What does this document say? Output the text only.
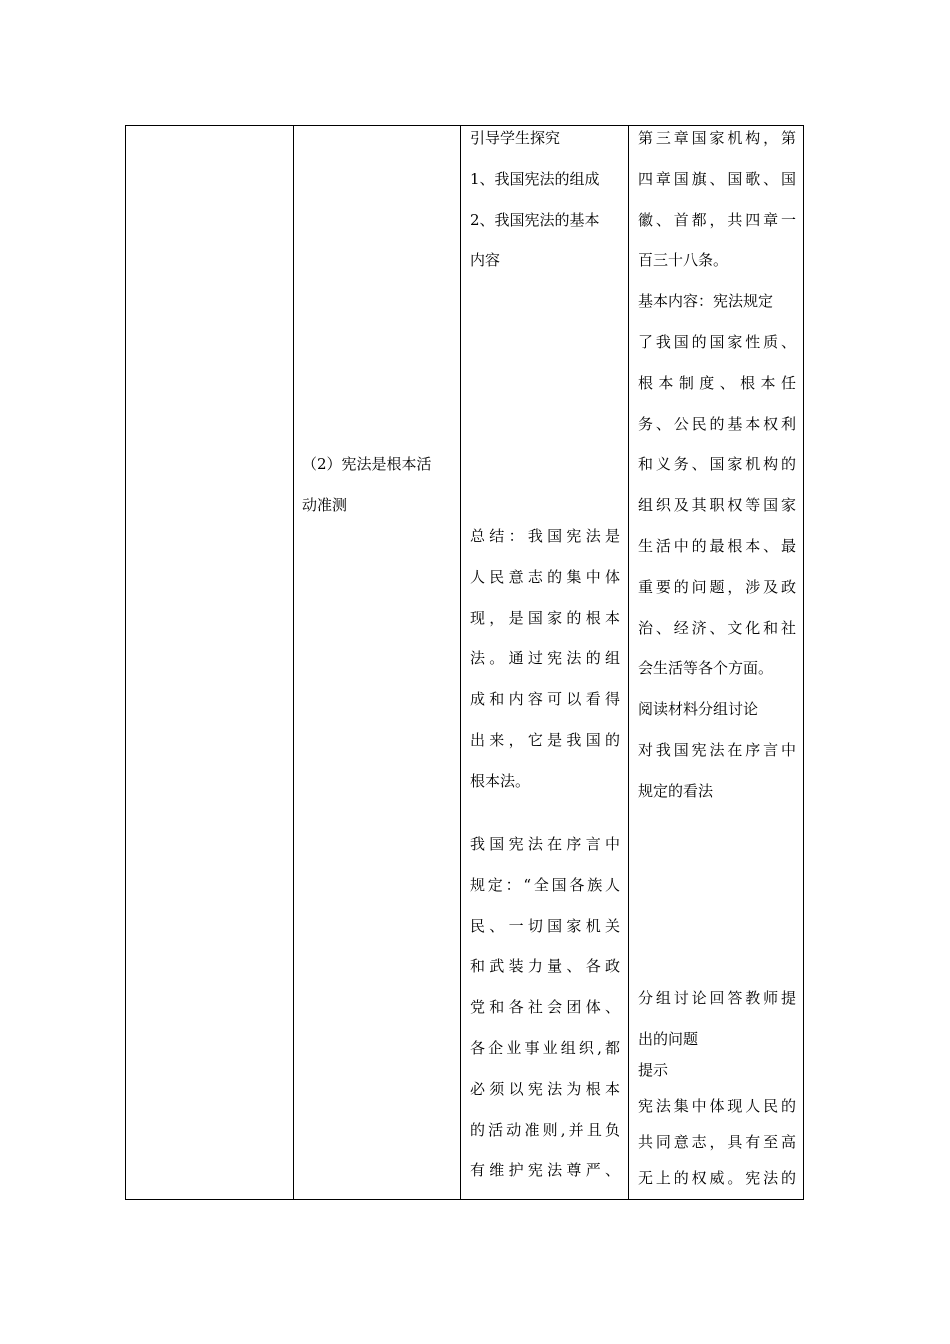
（2）宪法是根本活
动准测
引导学生探究
1、我国宪法的组成
2、我国宪法的基本
内容
总结：我国宪法是
人民意志的集中体
现，是国家的根本
法。通过宪法的组
成和内容可以看得
出来，它是我国的
根本法。
我国宪法在序言中
规定：“全国各族人
民、一切国家机关
和武装力量、各政
党和各社会团体、
各企业事业组织,都
必须以宪法为根本
的活动准则,并且负
有维护宪法尊严、
第三章国家机构，第
四章国旗、国歌、国
徽、首都，共四章一
百三十八条。
基本内容：宪法规定
了我国的国家性质、
根本制度、根本任
务、公民的基本权利
和义务、国家机构的
组织及其职权等国家
生活中的最根本、最
重要的问题，涉及政
治、经济、文化和社
会生活等各个方面。
阅读材料分组讨论
对我国宪法在序言中
规定的看法
分组讨论回答教师提
出的问题
提示
宪法集中体现人民的
共同意志，具有至高
无上的权威。宪法的
